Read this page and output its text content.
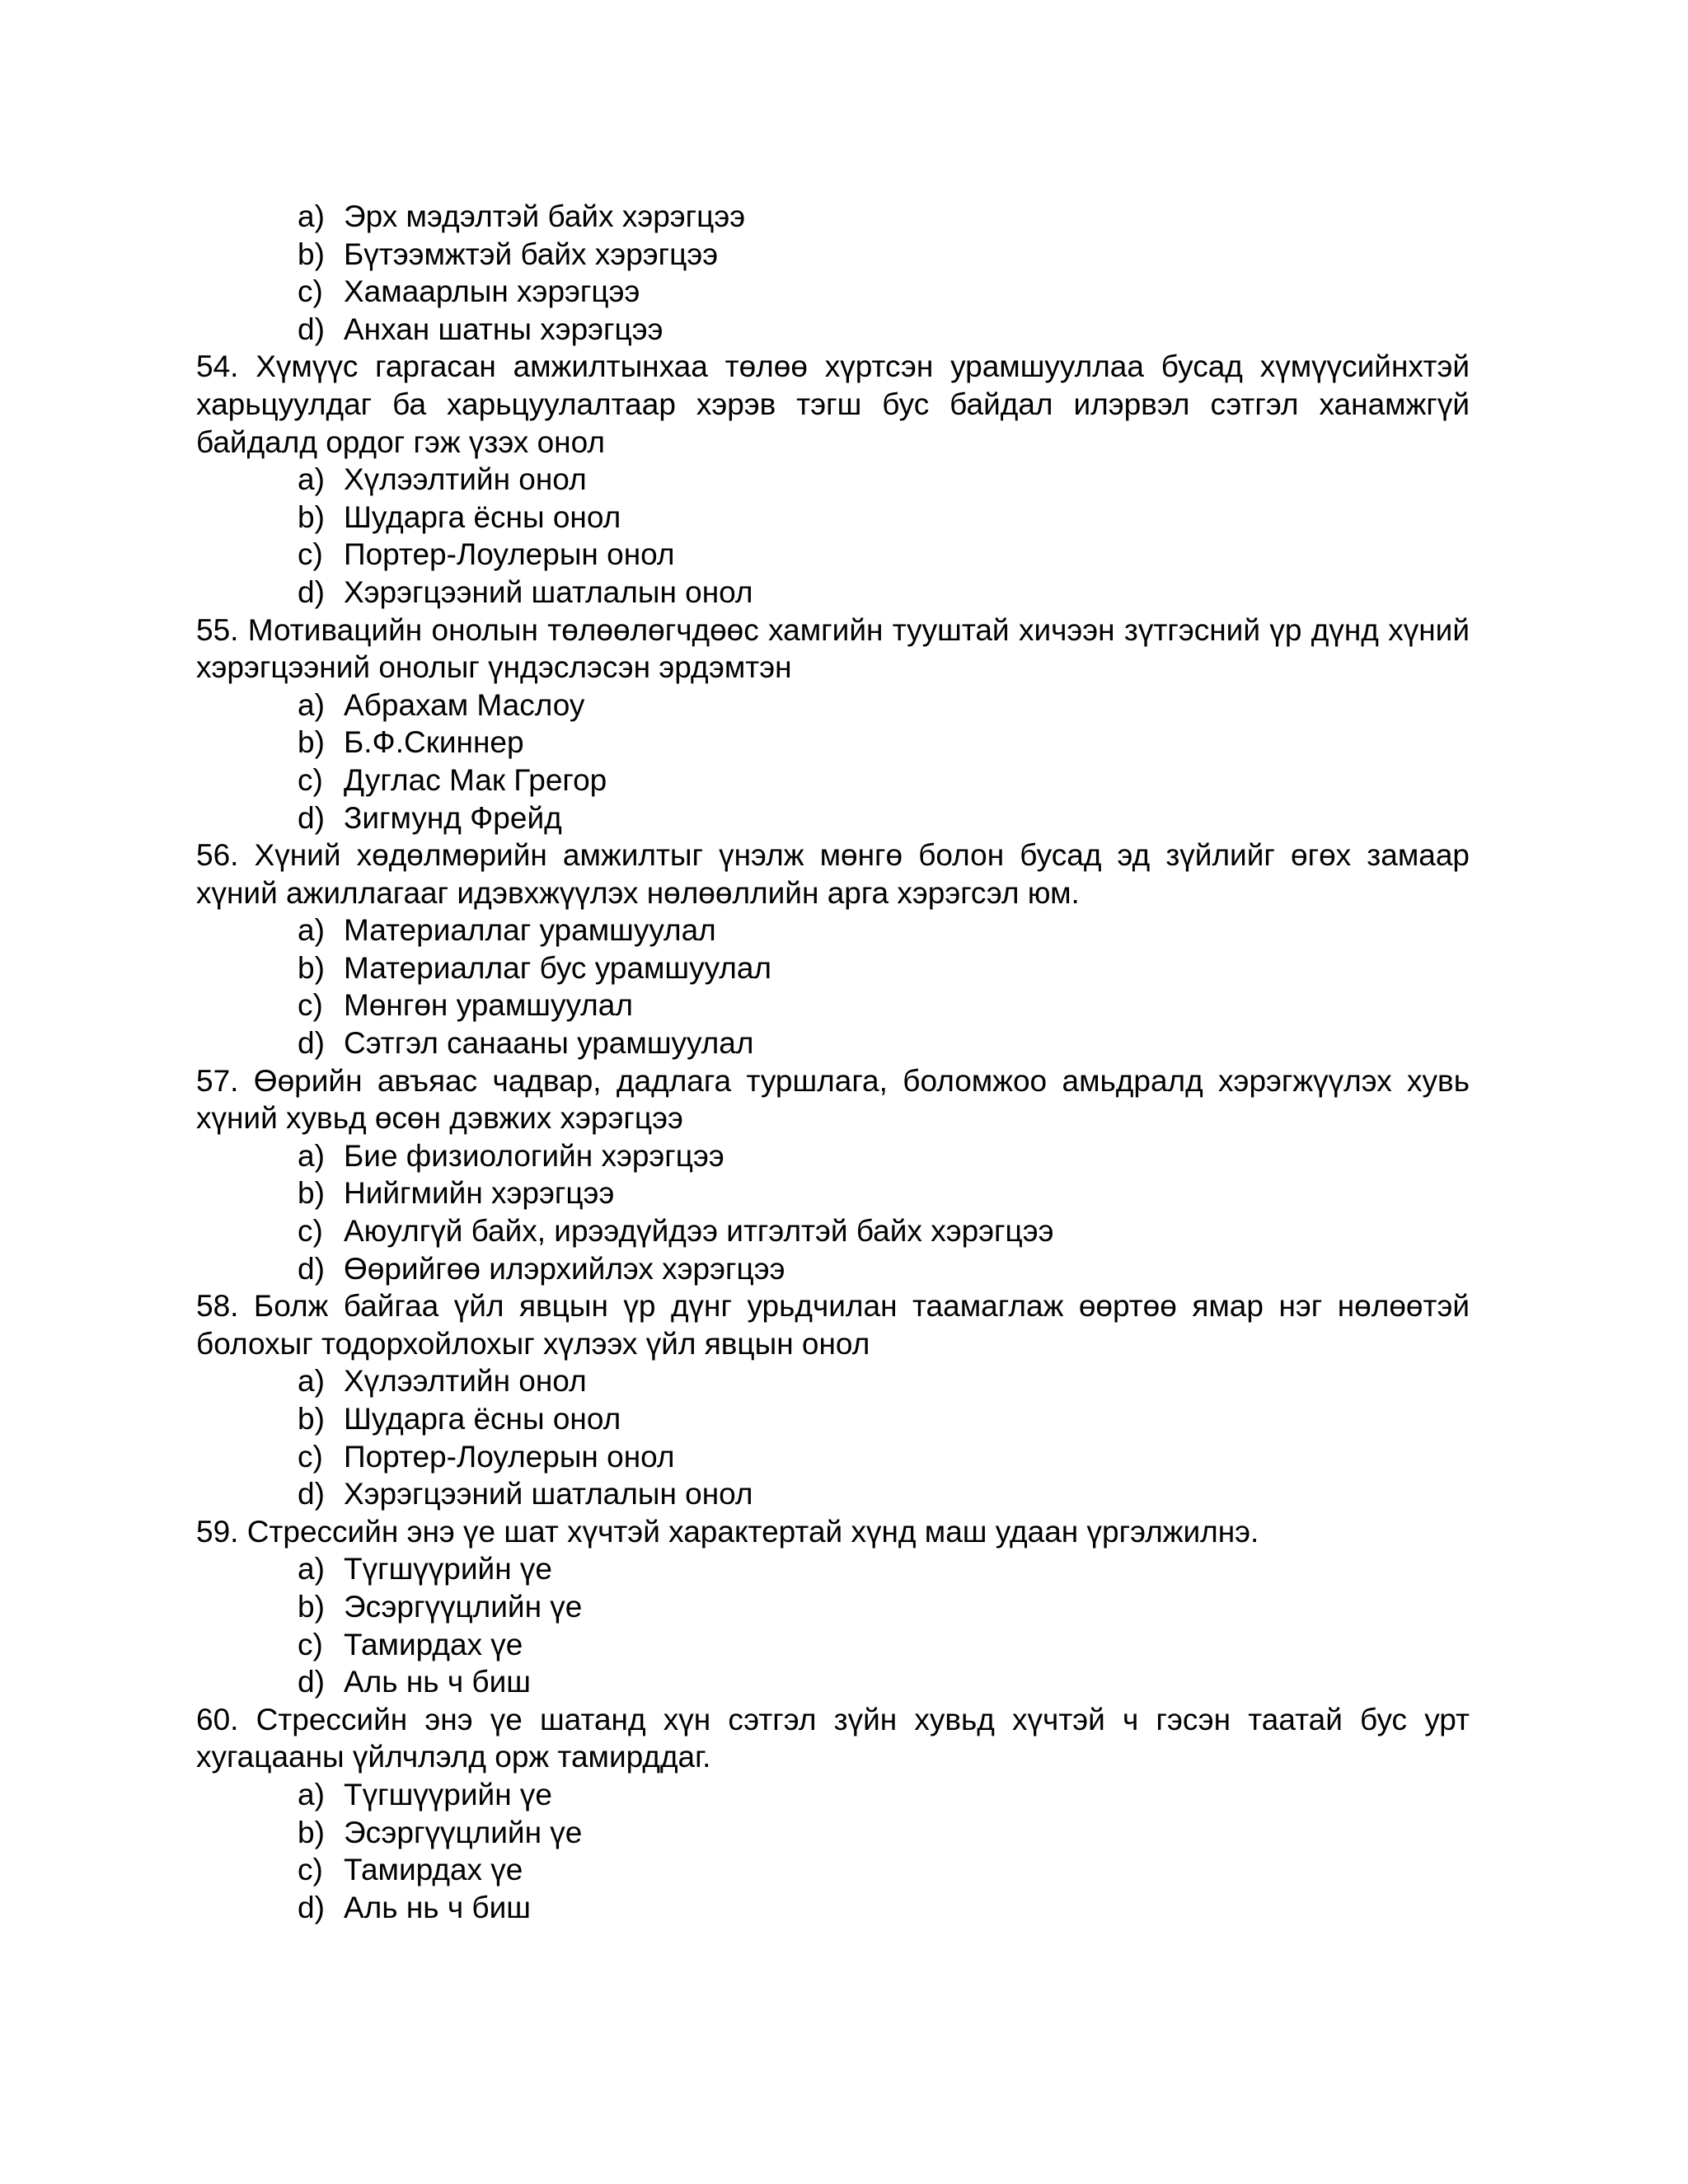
a) Эрх мэдэлтэй байх хэрэгцээ
b) Бүтээмжтэй байх хэрэгцээ
c) Хамаарлын хэрэгцээ
d) Анхан шатны хэрэгцээ

54. Хүмүүс гаргасан амжилтынхаа төлөө хүртсэн урамшууллаа бусад хүмүүсийнхтэй харьцуулдаг ба харьцуулалтаар хэрэв тэгш бус байдал илэрвэл сэтгэл ханамжгүй байдалд ордог гэж үзэх онол

a) Хүлээлтийн онол
b) Шударга ёсны онол
c) Портер-Лоулерын онол
d) Хэрэгцээний шатлалын онол

55. Мотивацийн онолын төлөөлөгчдөөс хамгийн тууштай хичээн зүтгэсний үр дүнд хүний хэрэгцээний онолыг үндэслэсэн эрдэмтэн

a) Абрахам Маслоу
b) Б.Ф.Скиннер
c) Дуглас Мак Грегор
d) Зигмунд Фрейд

56. Хүний хөдөлмөрийн амжилтыг үнэлж мөнгө болон бусад эд зүйлийг өгөх замаар хүний ажиллагааг идэвхжүүлэх нөлөөллийн арга хэрэгсэл юм.

a) Материаллаг урамшуулал
b) Материаллаг бус урамшуулал
c) Мөнгөн урамшуулал
d) Сэтгэл санааны урамшуулал

57. Өөрийн авъяас чадвар, дадлага туршлага, боломжоо амьдралд хэрэгжүүлэх хувь хүний хувьд өсөн дэвжих хэрэгцээ

a) Бие физиологийн хэрэгцээ
b) Нийгмийн хэрэгцээ
c) Аюулгүй байх, ирээдүйдээ итгэлтэй байх хэрэгцээ
d) Өөрийгөө илэрхийлэх хэрэгцээ

58. Болж байгаа үйл явцын үр дүнг урьдчилан таамаглаж өөртөө ямар нэг нөлөөтэй болохыг тодорхойлохыг хүлээх үйл явцын онол

a) Хүлээлтийн онол
b) Шударга ёсны онол
c) Портер-Лоулерын онол
d) Хэрэгцээний шатлалын онол

59. Стрессийн энэ үе шат хүчтэй характертай хүнд маш удаан үргэлжилнэ.

a) Түгшүүрийн үе
b) Эсэргүүцлийн үе
c) Тамирдах үе
d) Аль нь ч биш

60. Стрессийн энэ үе шатанд хүн сэтгэл зүйн хувьд хүчтэй ч гэсэн таатай бус урт хугацааны үйлчлэлд орж тамирддаг.

a) Түгшүүрийн үе
b) Эсэргүүцлийн үе
c) Тамирдах үе
d) Аль нь ч биш
